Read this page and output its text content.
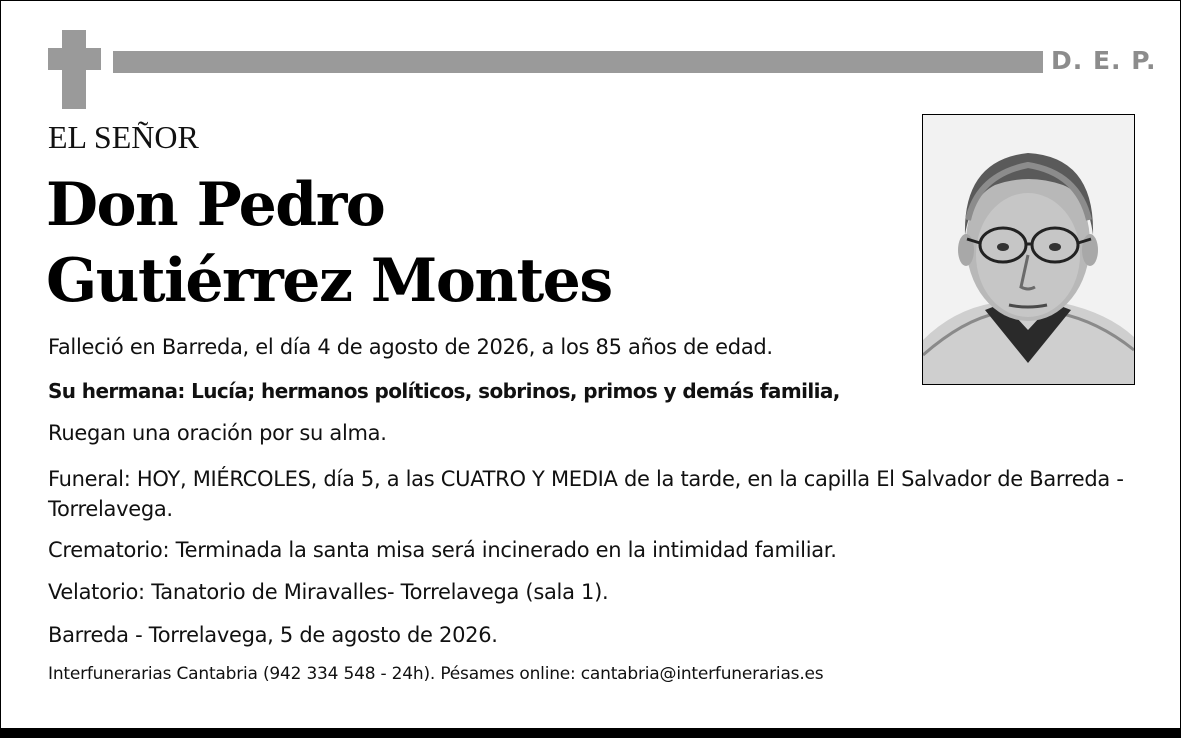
D. E. P.
EL SEÑOR
Don Pedro
Gutiérrez Montes
Falleció en Barreda, el día 4 de agosto de 2026, a los 85 años de edad.
Su hermana: Lucía; hermanos políticos, sobrinos, primos y demás familia,
Ruegan una oración por su alma.
Funeral: HOY, MIÉRCOLES, día 5, a las CUATRO Y MEDIA de la tarde, en la capilla El Salvador de Barreda - Torrelavega.
Crematorio: Terminada la santa misa será incinerado en la intimidad familiar.
Velatorio: Tanatorio de Miravalles- Torrelavega (sala 1).
Barreda - Torrelavega, 5 de agosto de 2026.
Interfunerarias Cantabria (942 334 548 - 24h). Pésames online: cantabria@interfunerarias.es
